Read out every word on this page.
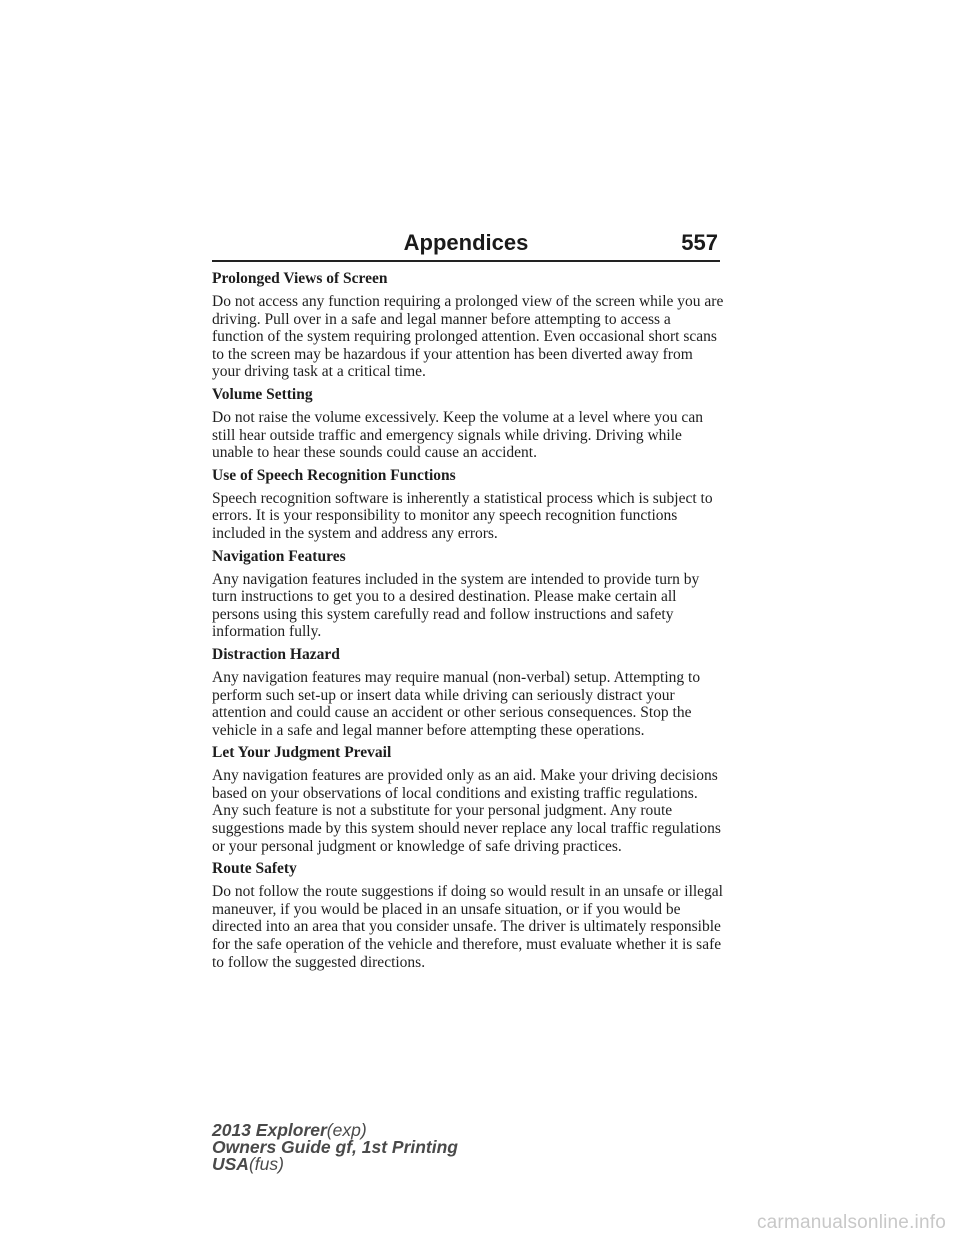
Appendices	557
Prolonged Views of Screen
Do not access any function requiring a prolonged view of the screen while you are driving. Pull over in a safe and legal manner before attempting to access a function of the system requiring prolonged attention. Even occasional short scans to the screen may be hazardous if your attention has been diverted away from your driving task at a critical time.
Volume Setting
Do not raise the volume excessively. Keep the volume at a level where you can still hear outside traffic and emergency signals while driving. Driving while unable to hear these sounds could cause an accident.
Use of Speech Recognition Functions
Speech recognition software is inherently a statistical process which is subject to errors. It is your responsibility to monitor any speech recognition functions included in the system and address any errors.
Navigation Features
Any navigation features included in the system are intended to provide turn by turn instructions to get you to a desired destination. Please make certain all persons using this system carefully read and follow instructions and safety information fully.
Distraction Hazard
Any navigation features may require manual (non-verbal) setup. Attempting to perform such set-up or insert data while driving can seriously distract your attention and could cause an accident or other serious consequences. Stop the vehicle in a safe and legal manner before attempting these operations.
Let Your Judgment Prevail
Any navigation features are provided only as an aid. Make your driving decisions based on your observations of local conditions and existing traffic regulations. Any such feature is not a substitute for your personal judgment. Any route suggestions made by this system should never replace any local traffic regulations or your personal judgment or knowledge of safe driving practices.
Route Safety
Do not follow the route suggestions if doing so would result in an unsafe or illegal maneuver, if you would be placed in an unsafe situation, or if you would be directed into an area that you consider unsafe. The driver is ultimately responsible for the safe operation of the vehicle and therefore, must evaluate whether it is safe to follow the suggested directions.
2013 Explorer(exp)
Owners Guide gf, 1st Printing
USA(fus)
carmanualsonline.info
